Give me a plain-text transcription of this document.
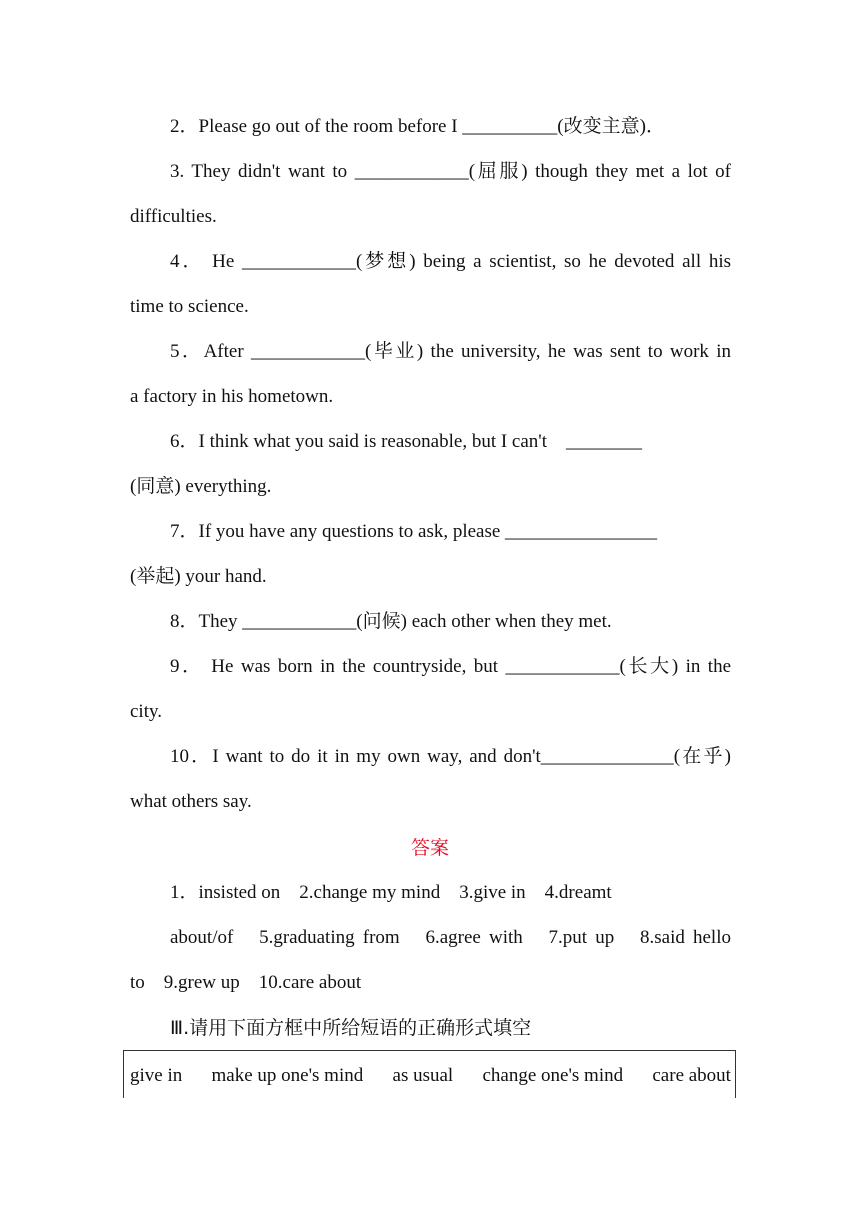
2．Please go out of the room before I __________(改变主意)．
3. They didn't want to ____________(屈服) though they met a lot of
difficulties.
4． He ____________(梦想) being a scientist, so he devoted all his
time to science.
5．After ____________(毕业) the university, he was sent to work in
a factory in his hometown.
6．I think what you said is reasonable, but I can't    ________
(同意) everything.
7．If you have any questions to ask, please ________________
(举起) your hand.
8．They ____________(问候) each other when they met.
9． He was born in the countryside, but ____________(长大) in the
city.
10．I want to do it in my own way, and don't______________(在乎)
what others say.
答案
1．insisted on　2.change my mind　3.give in　4.dreamt
about/of　5.graduating from　6.agree with　7.put up　8.said hello
to　9.grew up　10.care about
Ⅲ.请用下面方框中所给短语的正确形式填空
give in make up one's mind as usual change one's mind care about
